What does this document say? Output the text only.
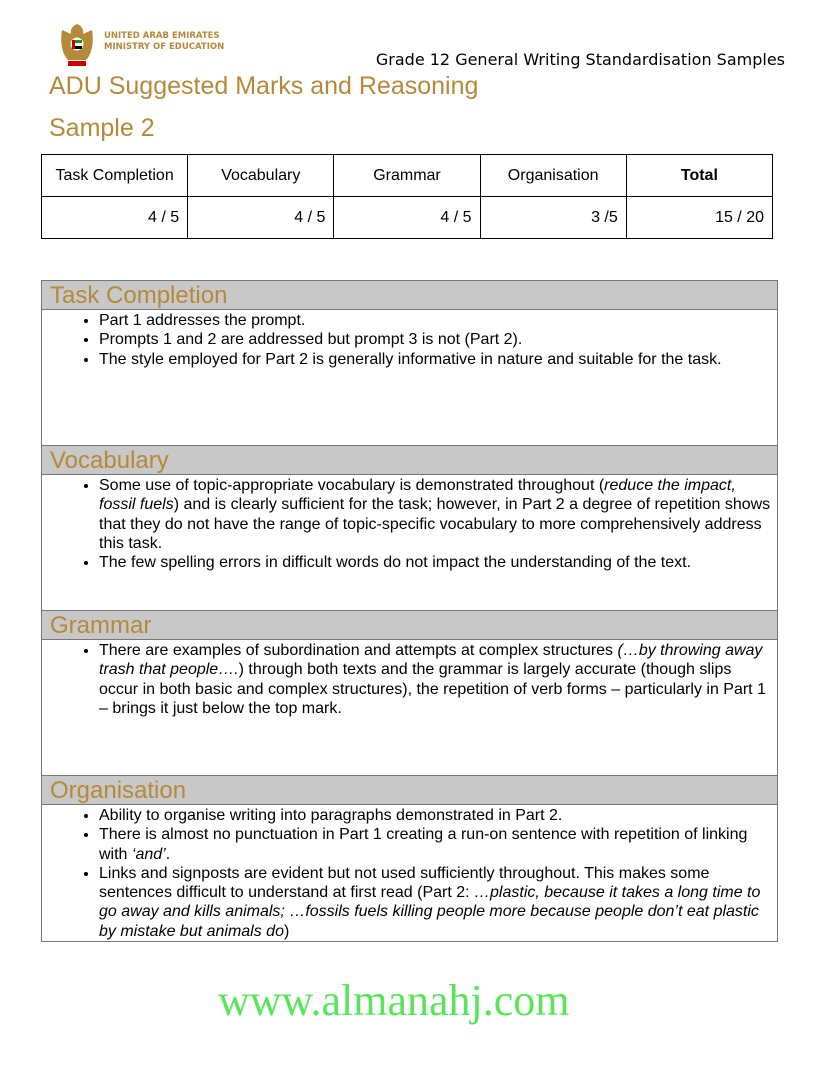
UNITED ARAB EMIRATES
MINISTRY OF EDUCATION
Grade 12 General Writing Standardisation Samples
ADU Suggested Marks and Reasoning
Sample 2
Task Completion	Vocabulary	Grammar	Organisation	Total
4 / 5	4 / 5	4 / 5	3 /5	15 / 20
Task Completion
• Part 1 addresses the prompt.
• Prompts 1 and 2 are addressed but prompt 3 is not (Part 2).
• The style employed for Part 2 is generally informative in nature and suitable for the task.
Vocabulary
• Some use of topic-appropriate vocabulary is demonstrated throughout (reduce the impact, fossil fuels) and is clearly sufficient for the task; however, in Part 2 a degree of repetition shows that they do not have the range of topic-specific vocabulary to more comprehensively address this task.
• The few spelling errors in difficult words do not impact the understanding of the text.
Grammar
• There are examples of subordination and attempts at complex structures (…by throwing away trash that people….) through both texts and the grammar is largely accurate (though slips occur in both basic and complex structures), the repetition of verb forms – particularly in Part 1 – brings it just below the top mark.
Organisation
• Ability to organise writing into paragraphs demonstrated in Part 2.
• There is almost no punctuation in Part 1 creating a run-on sentence with repetition of linking with ‘and’.
• Links and signposts are evident but not used sufficiently throughout. This makes some sentences difficult to understand at first read (Part 2: …plastic, because it takes a long time to go away and kills animals; …fossils fuels killing people more because people don’t eat plastic by mistake but animals do)
www.almanahj.com
